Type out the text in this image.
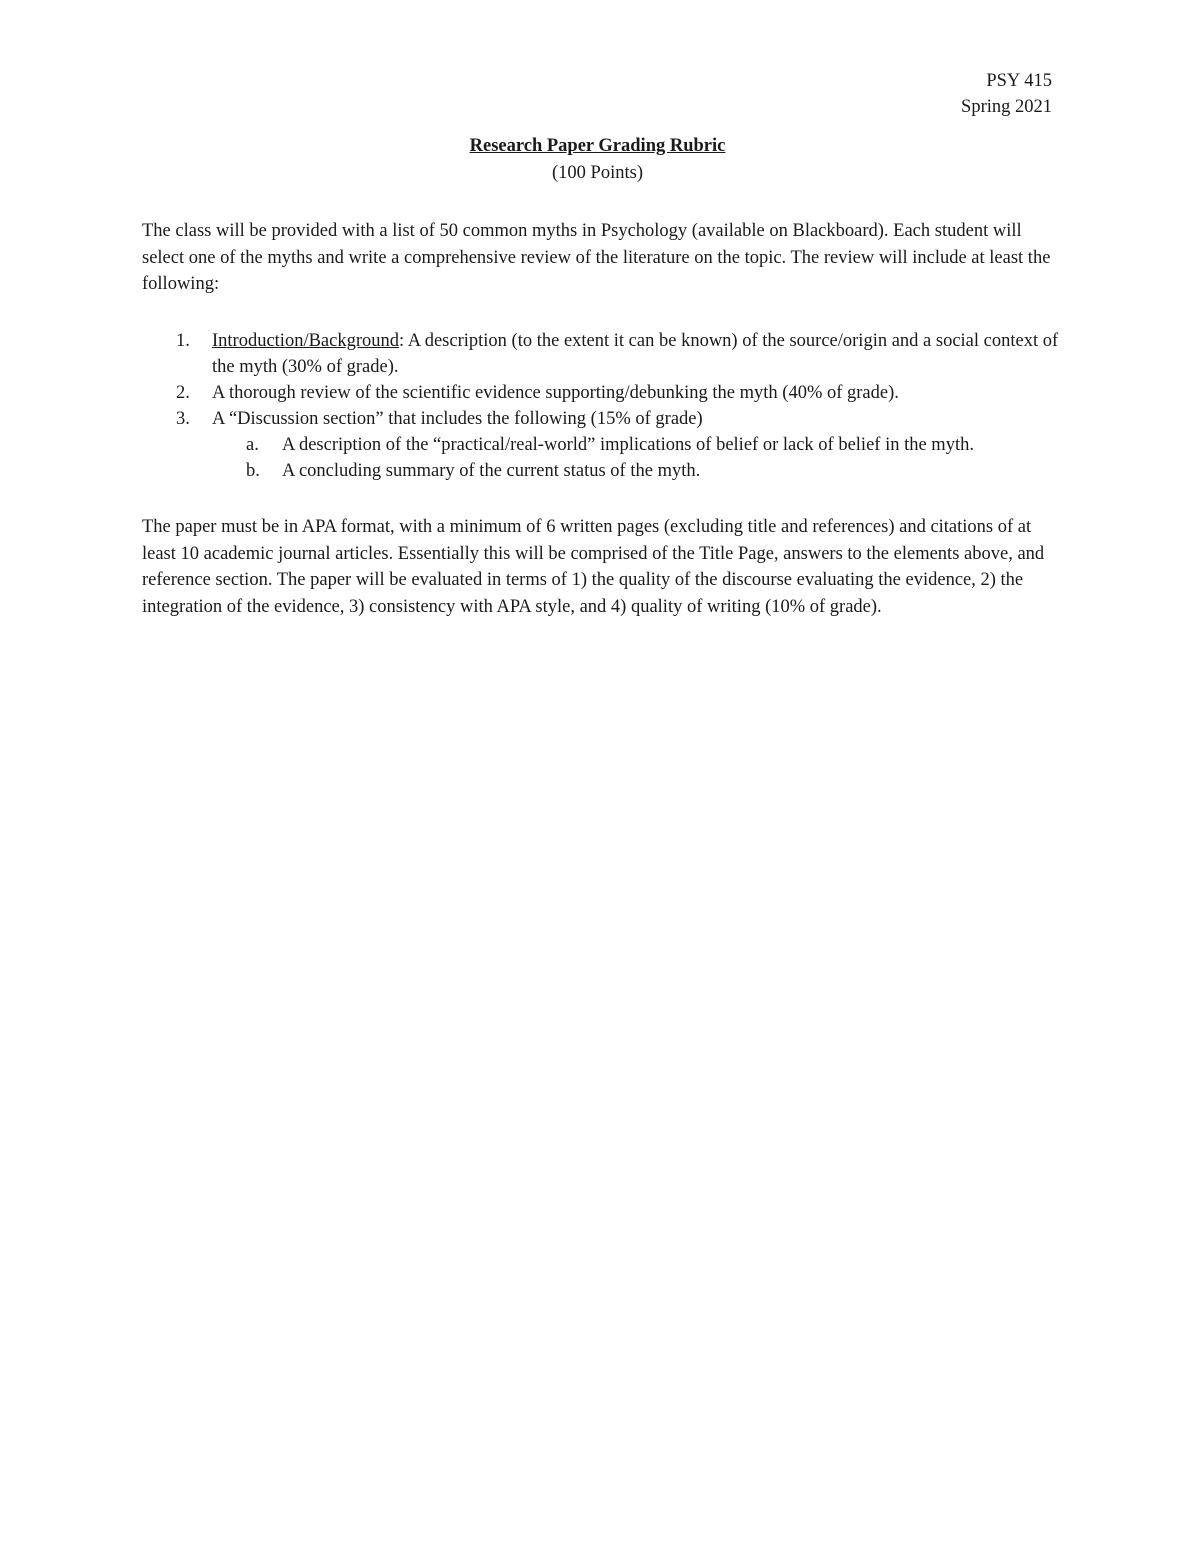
PSY 415
Spring 2021
Research Paper Grading Rubric
(100 Points)

The class will be provided with a list of 50 common myths in Psychology (available on Blackboard). Each student will select one of the myths and write a comprehensive review of the literature on the topic. The review will include at least the following:

1. Introduction/Background: A description (to the extent it can be known) of the source/origin and a social context of the myth (30% of grade).
2. A thorough review of the scientific evidence supporting/debunking the myth (40% of grade).
3. A “Discussion section” that includes the following (15% of grade)
a. A description of the “practical/real-world” implications of belief or lack of belief in the myth.
b. A concluding summary of the current status of the myth.

The paper must be in APA format, with a minimum of 6 written pages (excluding title and references) and citations of at least 10 academic journal articles. Essentially this will be comprised of the Title Page, answers to the elements above, and reference section. The paper will be evaluated in terms of 1) the quality of the discourse evaluating the evidence, 2) the integration of the evidence, 3) consistency with APA style, and 4) quality of writing (10% of grade).
